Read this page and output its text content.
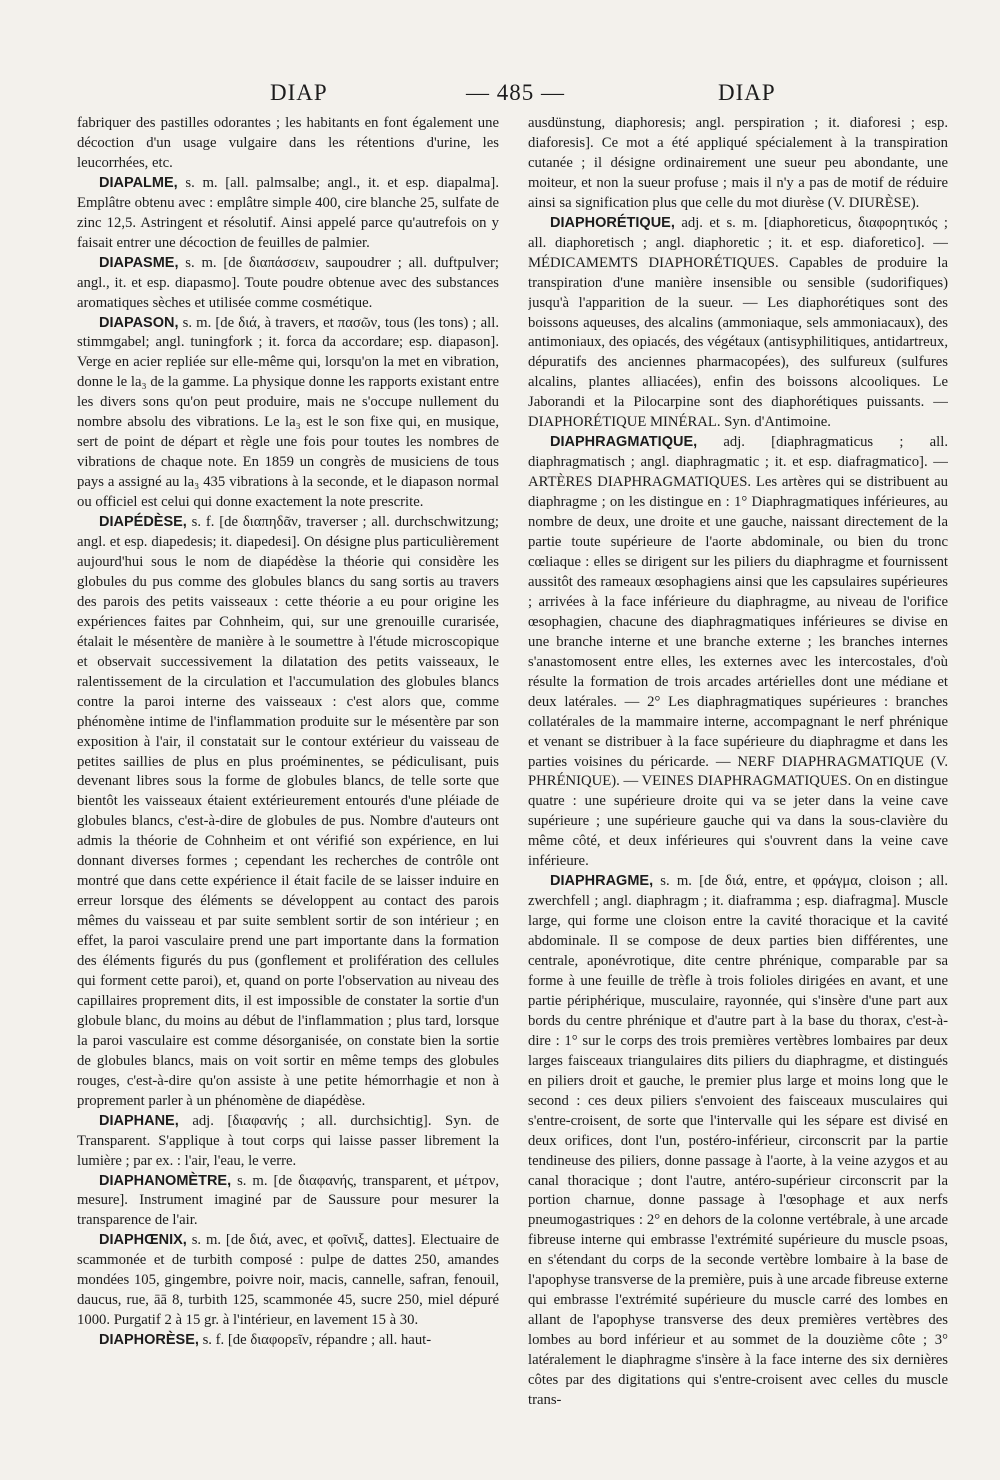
DIAP	— 485 —	DIAP

fabriquer des pastilles odorantes ; les habitants en font également une décoction d'un usage vulgaire dans les rétentions d'urine, les leucorrhées, etc.

DIAPALME, s. m. [all. palmsalbe; angl., it. et esp. diapalma]. Emplâtre obtenu avec : emplâtre simple 400, cire blanche 25, sulfate de zinc 12,5. Astringent et résolutif. Ainsi appelé parce qu'autrefois on y faisait entrer une décoction de feuilles de palmier.

DIAPASME, s. m. [de διαπάσσειν, saupoudrer ; all. duftpulver; angl., it. et esp. diapasmo]. Toute poudre obtenue avec des substances aromatiques sèches et utilisée comme cosmétique.

DIAPASON, s. m. [de διά, à travers, et πασῶν, tous (les tons) ; all. stimmgabel; angl. tuningfork ; it. forca da accordare; esp. diapason]. Verge en acier repliée sur elle-même qui, lorsqu'on la met en vibration, donne le la₃ de la gamme. La physique donne les rapports existant entre les divers sons qu'on peut produire, mais ne s'occupe nullement du nombre absolu des vibrations. Le la₃ est le son fixe qui, en musique, sert de point de départ et règle une fois pour toutes les nombres de vibrations de chaque note. En 1859 un congrès de musiciens de tous pays a assigné au la₃ 435 vibrations à la seconde, et le diapason normal ou officiel est celui qui donne exactement la note prescrite.

DIAPÉDÈSE, s. f. [de διαπηδᾶν, traverser ; all. durchschwitzung; angl. et esp. diapedesis; it. diapedesi]. On désigne plus particulièrement aujourd'hui sous le nom de diapédèse la théorie qui considère les globules du pus comme des globules blancs du sang sortis au travers des parois des petits vaisseaux : cette théorie a eu pour origine les expériences faites par Cohnheim, qui, sur une grenouille curarisée, étalait le mésentère de manière à le soumettre à l'étude microscopique et observait successivement la dilatation des petits vaisseaux, le ralentissement de la circulation et l'accumulation des globules blancs contre la paroi interne des vaisseaux : c'est alors que, comme phénomène intime de l'inflammation produite sur le mésentère par son exposition à l'air, il constatait sur le contour extérieur du vaisseau de petites saillies de plus en plus proéminentes, se pédiculisant, puis devenant libres sous la forme de globules blancs, de telle sorte que bientôt les vaisseaux étaient extérieurement entourés d'une pléiade de globules blancs, c'est-à-dire de globules de pus. Nombre d'auteurs ont admis la théorie de Cohnheim et ont vérifié son expérience, en lui donnant diverses formes ; cependant les recherches de contrôle ont montré que dans cette expérience il était facile de se laisser induire en erreur lorsque des éléments se développent au contact des parois mêmes du vaisseau et par suite semblent sortir de son intérieur ; en effet, la paroi vasculaire prend une part importante dans la formation des éléments figurés du pus (gonflement et prolifération des cellules qui forment cette paroi), et, quand on porte l'observation au niveau des capillaires proprement dits, il est impossible de constater la sortie d'un globule blanc, du moins au début de l'inflammation ; plus tard, lorsque la paroi vasculaire est comme désorganisée, on constate bien la sortie de globules blancs, mais on voit sortir en même temps des globules rouges, c'est-à-dire qu'on assiste à une petite hémorrhagie et non à proprement parler à un phénomène de diapédèse.

DIAPHANE, adj. [διαφανής ; all. durchsichtig]. Syn. de Transparent. S'applique à tout corps qui laisse passer librement la lumière ; par ex. : l'air, l'eau, le verre.

DIAPHANOMÈTRE, s. m. [de διαφανής, transparent, et μέτρον, mesure]. Instrument imaginé par de Saussure pour mesurer la transparence de l'air.

DIAPHŒNIX, s. m. [de διά, avec, et φοῖνιξ, dattes]. Electuaire de scammonée et de turbith composé : pulpe de dattes 250, amandes mondées 105, gingembre, poivre noir, macis, cannelle, safran, fenouil, daucus, rue, āā 8, turbith 125, scammonée 45, sucre 250, miel dépuré 1000. Purgatif 2 à 15 gr. à l'intérieur, en lavement 15 à 30.

DIAPHORÈSE, s. f. [de διαφορεῖν, répandre ; all. haut-

ausdünstung, diaphoresis; angl. perspiration ; it. diaforesi ; esp. diaforesis]. Ce mot a été appliqué spécialement à la transpiration cutanée ; il désigne ordinairement une sueur peu abondante, une moiteur, et non la sueur profuse ; mais il n'y a pas de motif de réduire ainsi sa signification plus que celle du mot diurèse (V. DIURÈSE).

DIAPHORÉTIQUE, adj. et s. m. [diaphoreticus, διαφορητικός ; all. diaphoretisch ; angl. diaphoretic ; it. et esp. diaforetico]. — MÉDICAMEMTS DIAPHORÉTIQUES. Capables de produire la transpiration d'une manière insensible ou sensible (sudorifiques) jusqu'à l'apparition de la sueur. — Les diaphorétiques sont des boissons aqueuses, des alcalins (ammoniaque, sels ammoniacaux), des antimoniaux, des opiacés, des végétaux (antisyphilitiques, antidartreux, dépuratifs des anciennes pharmacopées), des sulfureux (sulfures alcalins, plantes alliacées), enfin des boissons alcooliques. Le Jaborandi et la Pilocarpine sont des diaphorétiques puissants. — DIAPHORÉTIQUE MINÉRAL. Syn. d'Antimoine.

DIAPHRAGMATIQUE, adj. [diaphragmaticus ; all. diaphragmatisch ; angl. diaphragmatic ; it. et esp. diafragmatico]. — ARTÈRES DIAPHRAGMATIQUES. Les artères qui se distribuent au diaphragme ; on les distingue en : 1° Diaphragmatiques inférieures, au nombre de deux, une droite et une gauche, naissant directement de la partie toute supérieure de l'aorte abdominale, ou bien du tronc cœliaque : elles se dirigent sur les piliers du diaphragme et fournissent aussitôt des rameaux œsophagiens ainsi que les capsulaires supérieures ; arrivées à la face inférieure du diaphragme, au niveau de l'orifice œsophagien, chacune des diaphragmatiques inférieures se divise en une branche interne et une branche externe ; les branches internes s'anastomosent entre elles, les externes avec les intercostales, d'où résulte la formation de trois arcades artérielles dont une médiane et deux latérales. — 2° Les diaphragmatiques supérieures : branches collatérales de la mammaire interne, accompagnant le nerf phrénique et venant se distribuer à la face supérieure du diaphragme et dans les parties voisines du péricarde. — NERF DIAPHRAGMATIQUE (V. PHRÉNIQUE). — VEINES DIAPHRAGMATIQUES. On en distingue quatre : une supérieure droite qui va se jeter dans la veine cave supérieure ; une supérieure gauche qui va dans la sous-clavière du même côté, et deux inférieures qui s'ouvrent dans la veine cave inférieure.

DIAPHRAGME, s. m. [de διά, entre, et φράγμα, cloison ; all. zwerchfell ; angl. diaphragm ; it. diaframma ; esp. diafragma]. Muscle large, qui forme une cloison entre la cavité thoracique et la cavité abdominale. Il se compose de deux parties bien différentes, une centrale, aponévrotique, dite centre phrénique, comparable par sa forme à une feuille de trèfle à trois folioles dirigées en avant, et une partie périphérique, musculaire, rayonnée, qui s'insère d'une part aux bords du centre phrénique et d'autre part à la base du thorax, c'est-à-dire : 1° sur le corps des trois premières vertèbres lombaires par deux larges faisceaux triangulaires dits piliers du diaphragme, et distingués en piliers droit et gauche, le premier plus large et moins long que le second : ces deux piliers s'envoient des faisceaux musculaires qui s'entre-croisent, de sorte que l'intervalle qui les sépare est divisé en deux orifices, dont l'un, postéro-inférieur, circonscrit par la partie tendineuse des piliers, donne passage à l'aorte, à la veine azygos et au canal thoracique ; dont l'autre, antéro-supérieur circonscrit par la portion charnue, donne passage à l'œsophage et aux nerfs pneumogastriques : 2° en dehors de la colonne vertébrale, à une arcade fibreuse interne qui embrasse l'extrémité supérieure du muscle psoas, en s'étendant du corps de la seconde vertèbre lombaire à la base de l'apophyse transverse de la première, puis à une arcade fibreuse externe qui embrasse l'extrémité supérieure du muscle carré des lombes en allant de l'apophyse transverse des deux premières vertèbres des lombes au bord inférieur et au sommet de la douzième côte ; 3° latéralement le diaphragme s'insère à la face interne des six dernières côtes par des digitations qui s'entre-croisent avec celles du muscle trans-
